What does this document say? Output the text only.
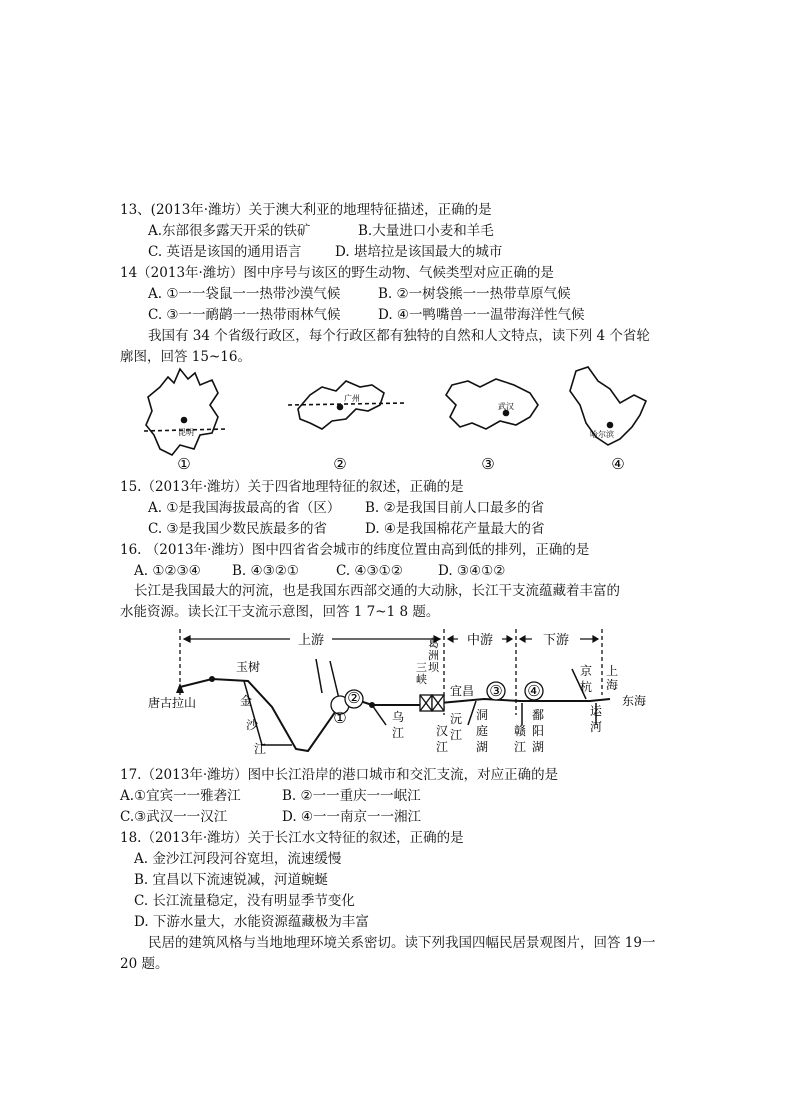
13、(2013年·潍坊）关于澳大利亚的地理特征描述，正确的是
A.东部很多露天开采的铁矿	B.大量进口小麦和羊毛
C. 英语是该国的通用语言 D. 堪培拉是该国最大的城市
14（2013年·潍坊）图中序号与该区的野生动物、气候类型对应正确的是
A. ①一一袋鼠一一热带沙漠气候	B. ②一树袋熊一一热带草原气候
C. ③一一鸸鹋一一热带雨林气候	D. ④一鸭嘴兽一一温带海洋性气候
我国有 34 个省级行政区，每个行政区都有独特的自然和人文特点，读下列 4 个省轮
廓图，回答 15~16。
昆明
①
广州
②
武汉
③
哈尔滨
④
15.（2013年·潍坊）关于四省地理特征的叙述，正确的是
A. ①是我国海拔最高的省（区） B. ②是我国目前人口最多的省
C. ③是我国少数民族最多的省	D. ④是我国棉花产量最大的省
16. （2013年·潍坊）图中四省省会城市的纬度位置由高到低的排列，正确的是
A. ①②③④ B. ④③②①	C. ④③①②	D. ③④①②
长江是我国最大的河流，也是我国东西部交通的大动脉，长江干支流蕴藏着丰富的
水能资源。读长江干支流示意图，回答 1 7~1 8 题。
上游	中游	下游
唐古拉山
玉树
金
沙
江
①
②
乌
江
葛
洲
坝
三
峡
宜昌 ③ ④
汉
江
沅
江
洞
庭
湖
赣
江
鄱
阳
湖
京
杭
运
河
上
海
东海
17.（2013年·潍坊）图中长江沿岸的港口城市和交汇支流，对应正确的是
A.①宜宾一一雅砻江	B. ②一一重庆一一岷江
C.③武汉一一汉江	D. ④一一南京一一湘江
18.（2013年·潍坊）关于长江水文特征的叙述，正确的是
A. 金沙江河段河谷宽坦，流速缓慢
B. 宜昌以下流速锐减，河道蜿蜒
C. 长江流量稳定，没有明显季节变化
D. 下游水量大，水能资源蕴藏极为丰富
民居的建筑风格与当地地理环境关系密切。读下列我国四幅民居景观图片，回答 19一
20 题。
